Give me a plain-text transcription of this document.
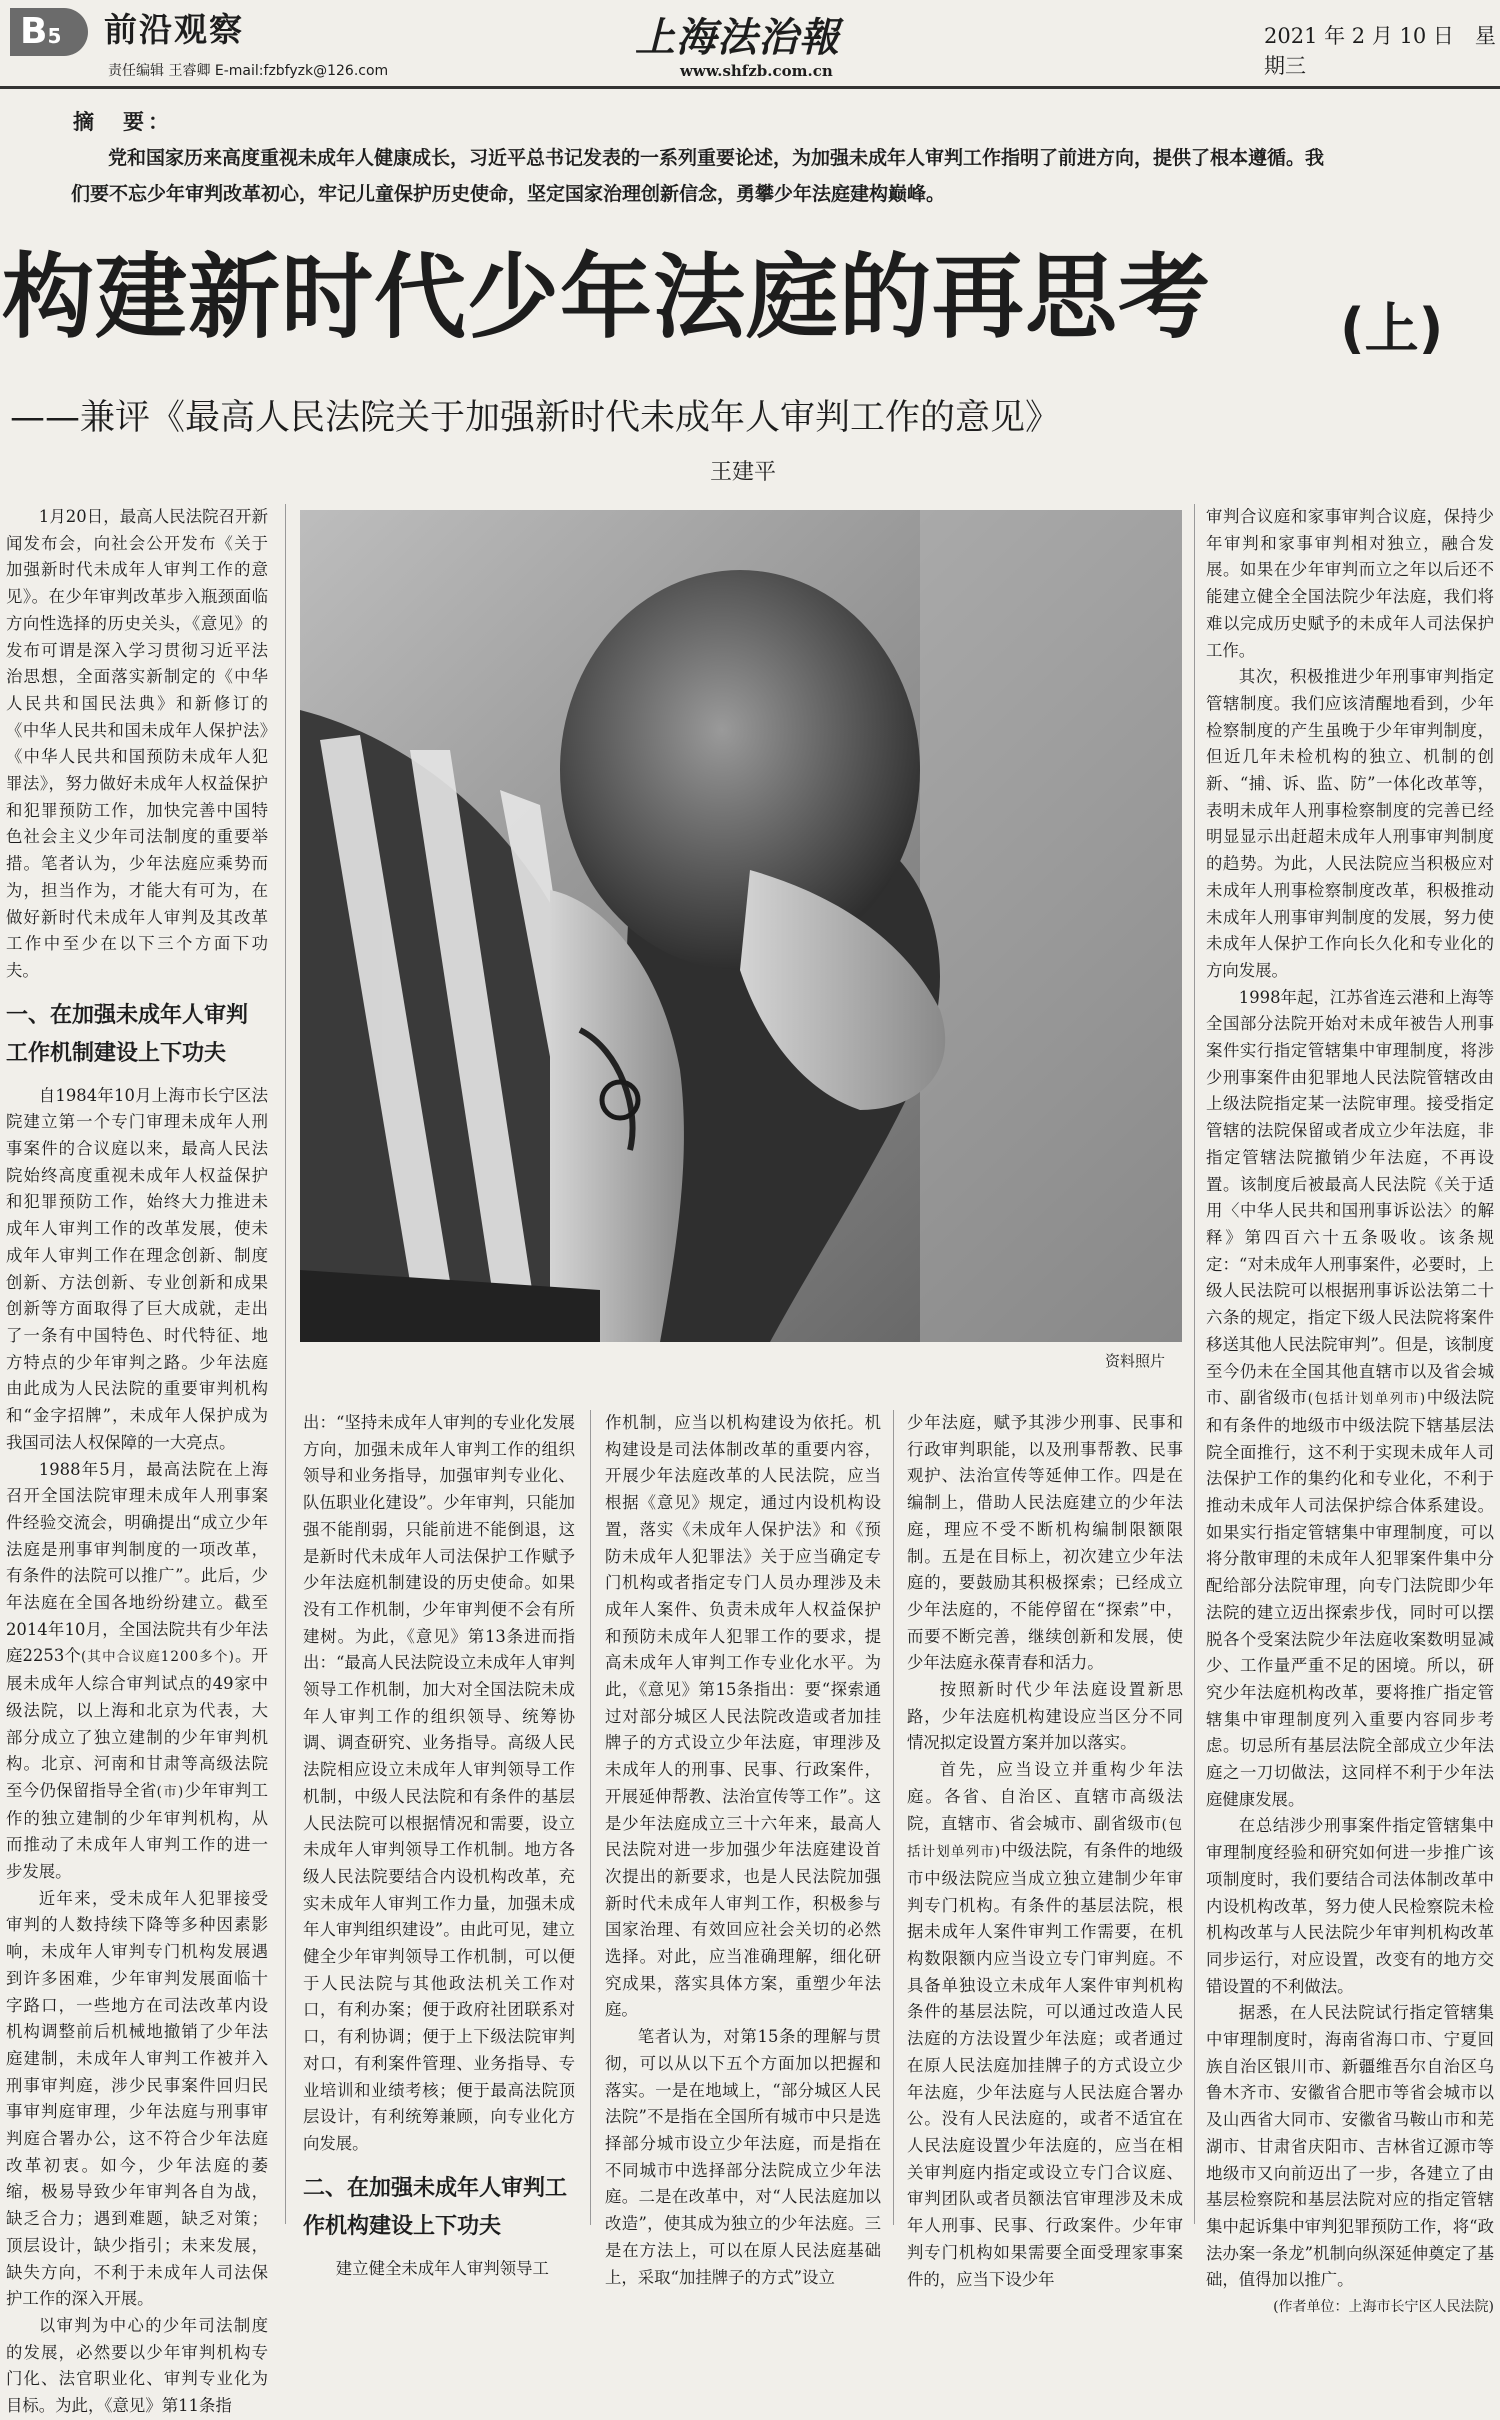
B5	前沿观察
责任编辑 王睿卿 E-mail:fzbfyzk@126.com
上海法治報
www.shfzb.com.cn
2021 年 2 月 10 日　星期三
摘　要：
党和国家历来高度重视未成年人健康成长，习近平总书记发表的一系列重要论述，为加强未成年人审判工作指明了前进方向，提供了根本遵循。我
们要不忘少年审判改革初心，牢记儿童保护历史使命，坚定国家治理创新信念，勇攀少年法庭建构巅峰。
构建新时代少年法庭的再思考 (上)
——兼评《最高人民法院关于加强新时代未成年人审判工作的意见》
王建平

1月20日，最高人民法院召开新闻发布会，向社会公开发布《关于加强新时代未成年人审判工作的意见》。在少年审判改革步入瓶颈面临方向性选择的历史关头，《意见》的发布可谓是深入学习贯彻习近平法治思想，全面落实新制定的《中华人民共和国民法典》和新修订的《中华人民共和国未成年人保护法》《中华人民共和国预防未成年人犯罪法》，努力做好未成年人权益保护和犯罪预防工作，加快完善中国特色社会主义少年司法制度的重要举措。笔者认为，少年法庭应乘势而为，担当作为，才能大有可为，在做好新时代未成年人审判及其改革工作中至少在以下三个方面下功夫。

一、在加强未成年人审判工作机制建设上下功夫

自1984年10月上海市长宁区法院建立第一个专门审理未成年人刑事案件的合议庭以来，最高人民法院始终高度重视未成年人权益保护和犯罪预防工作，始终大力推进未成年人审判工作的改革发展，使未成年人审判工作在理念创新、制度创新、方法创新、专业创新和成果创新等方面取得了巨大成就，走出了一条有中国特色、时代特征、地方特点的少年审判之路。少年法庭由此成为人民法院的重要审判机构和“金字招牌”，未成年人保护成为我国司法人权保障的一大亮点。

1988年5月，最高法院在上海召开全国法院审理未成年人刑事案件经验交流会，明确提出“成立少年法庭是刑事审判制度的一项改革，有条件的法院可以推广”。此后，少年法庭在全国各地纷纷建立。截至2014年10月，全国法院共有少年法庭2253个(其中合议庭1200多个)。开展未成年人综合审判试点的49家中级法院，以上海和北京为代表，大部分成立了独立建制的少年审判机构。北京、河南和甘肃等高级法院至今仍保留指导全省(市)少年审判工作的独立建制的少年审判机构，从而推动了未成年人审判工作的进一步发展。

近年来，受未成年人犯罪接受审判的人数持续下降等多种因素影响，未成年人审判专门机构发展遇到许多困难，少年审判发展面临十字路口，一些地方在司法改革内设机构调整前后机械地撤销了少年法庭建制，未成年人审判工作被并入刑事审判庭，涉少民事案件回归民事审判庭审理，少年法庭与刑事审判庭合署办公，这不符合少年法庭改革初衷。如今，少年法庭的萎缩，极易导致少年审判各自为战，缺乏合力；遇到难题，缺乏对策；顶层设计，缺少指引；未来发展，缺失方向，不利于未成年人司法保护工作的深入开展。

以审判为中心的少年司法制度的发展，必然要以少年审判机构专门化、法官职业化、审判专业化为目标。为此，《意见》第11条指

资料照片

出：“坚持未成年人审判的专业化发展方向，加强未成年人审判工作的组织领导和业务指导，加强审判专业化、队伍职业化建设”。少年审判，只能加强不能削弱，只能前进不能倒退，这是新时代未成年人司法保护工作赋予少年法庭机制建设的历史使命。如果没有工作机制，少年审判便不会有所建树。为此，《意见》第13条进而指出：“最高人民法院设立未成年人审判领导工作机制，加大对全国法院未成年人审判工作的组织领导、统筹协调、调查研究、业务指导。高级人民法院相应设立未成年人审判领导工作机制，中级人民法院和有条件的基层人民法院可以根据情况和需要，设立未成年人审判领导工作机制。地方各级人民法院要结合内设机构改革，充实未成年人审判工作力量，加强未成年人审判组织建设”。由此可见，建立健全少年审判领导工作机制，可以便于人民法院与其他政法机关工作对口，有利办案；便于政府社团联系对口，有利协调；便于上下级法院审判对口，有利案件管理、业务指导、专业培训和业绩考核；便于最高法院顶层设计，有利统筹兼顾，向专业化方向发展。

二、在加强未成年人审判工作机构建设上下功夫

建立健全未成年人审判领导工

作机制，应当以机构建设为依托。机构建设是司法体制改革的重要内容，开展少年法庭改革的人民法院，应当根据《意见》规定，通过内设机构设置，落实《未成年人保护法》和《预防未成年人犯罪法》关于应当确定专门机构或者指定专门人员办理涉及未成年人案件、负责未成年人权益保护和预防未成年人犯罪工作的要求，提高未成年人审判工作专业化水平。为此，《意见》第15条指出：要“探索通过对部分城区人民法院改造或者加挂牌子的方式设立少年法庭，审理涉及未成年人的刑事、民事、行政案件，开展延伸帮教、法治宣传等工作”。这是少年法庭成立三十六年来，最高人民法院对进一步加强少年法庭建设首次提出的新要求，也是人民法院加强新时代未成年人审判工作，积极参与国家治理、有效回应社会关切的必然选择。对此，应当准确理解，细化研究成果，落实具体方案，重塑少年法庭。

笔者认为，对第15条的理解与贯彻，可以从以下五个方面加以把握和落实。一是在地域上，“部分城区人民法院”不是指在全国所有城市中只是选择部分城市设立少年法庭，而是指在不同城市中选择部分法院成立少年法庭。二是在改革中，对“人民法庭加以改造”，使其成为独立的少年法庭。三是在方法上，可以在原人民法庭基础上，采取“加挂牌子的方式”设立

少年法庭，赋予其涉少刑事、民事和行政审判职能，以及刑事帮教、民事观护、法治宣传等延伸工作。四是在编制上，借助人民法庭建立的少年法庭，理应不受不断机构编制限额限制。五是在目标上，初次建立少年法庭的，要鼓励其积极探索；已经成立少年法庭的，不能停留在“探索”中，而要不断完善，继续创新和发展，使少年法庭永葆青春和活力。

按照新时代少年法庭设置新思路，少年法庭机构建设应当区分不同情况拟定设置方案并加以落实。

首先，应当设立并重构少年法庭。各省、自治区、直辖市高级法院，直辖市、省会城市、副省级市(包括计划单列市)中级法院，有条件的地级市中级法院应当成立独立建制少年审判专门机构。有条件的基层法院，根据未成年人案件审判工作需要，在机构数限额内应当设立专门审判庭。不具备单独设立未成年人案件审判机构条件的基层法院，可以通过改造人民法庭的方法设置少年法庭；或者通过在原人民法庭加挂牌子的方式设立少年法庭，少年法庭与人民法庭合署办公。没有人民法庭的，或者不适宜在人民法庭设置少年法庭的，应当在相关审判庭内指定或设立专门合议庭、审判团队或者员额法官审理涉及未成年人刑事、民事、行政案件。少年审判专门机构如果需要全面受理家事案件的，应当下设少年

审判合议庭和家事审判合议庭，保持少年审判和家事审判相对独立，融合发展。如果在少年审判而立之年以后还不能建立健全全国法院少年法庭，我们将难以完成历史赋予的未成年人司法保护工作。

其次，积极推进少年刑事审判指定管辖制度。我们应该清醒地看到，少年检察制度的产生虽晚于少年审判制度，但近几年未检机构的独立、机制的创新、“捕、诉、监、防”一体化改革等，表明未成年人刑事检察制度的完善已经明显显示出赶超未成年人刑事审判制度的趋势。为此，人民法院应当积极应对未成年人刑事检察制度改革，积极推动未成年人刑事审判制度的发展，努力使未成年人保护工作向长久化和专业化的方向发展。

1998年起，江苏省连云港和上海等全国部分法院开始对未成年被告人刑事案件实行指定管辖集中审理制度，将涉少刑事案件由犯罪地人民法院管辖改由上级法院指定某一法院审理。接受指定管辖的法院保留或者成立少年法庭，非指定管辖法院撤销少年法庭，不再设置。该制度后被最高人民法院《关于适用〈中华人民共和国刑事诉讼法〉的解释》第四百六十五条吸收。该条规定：“对未成年人刑事案件，必要时，上级人民法院可以根据刑事诉讼法第二十六条的规定，指定下级人民法院将案件移送其他人民法院审判”。但是，该制度至今仍未在全国其他直辖市以及省会城市、副省级市(包括计划单列市)中级法院和有条件的地级市中级法院下辖基层法院全面推行，这不利于实现未成年人司法保护工作的集约化和专业化，不利于推动未成年人司法保护综合体系建设。如果实行指定管辖集中审理制度，可以将分散审理的未成年人犯罪案件集中分配给部分法院审理，向专门法院即少年法院的建立迈出探索步伐，同时可以摆脱各个受案法院少年法庭收案数明显减少、工作量严重不足的困境。所以，研究少年法庭机构改革，要将推广指定管辖集中审理制度列入重要内容同步考虑。切忌所有基层法院全部成立少年法庭之一刀切做法，这同样不利于少年法庭健康发展。

在总结涉少刑事案件指定管辖集中审理制度经验和研究如何进一步推广该项制度时，我们要结合司法体制改革中内设机构改革，努力使人民检察院未检机构改革与人民法院少年审判机构改革同步运行，对应设置，改变有的地方交错设置的不利做法。

据悉，在人民法院试行指定管辖集中审理制度时，海南省海口市、宁夏回族自治区银川市、新疆维吾尔自治区乌鲁木齐市、安徽省合肥市等省会城市以及山西省大同市、安徽省马鞍山市和芜湖市、甘肃省庆阳市、吉林省辽源市等地级市又向前迈出了一步，各建立了由基层检察院和基层法院对应的指定管辖集中起诉集中审判犯罪预防工作，将“政法办案一条龙”机制向纵深延伸奠定了基础，值得加以推广。

(作者单位：上海市长宁区人民法院)
